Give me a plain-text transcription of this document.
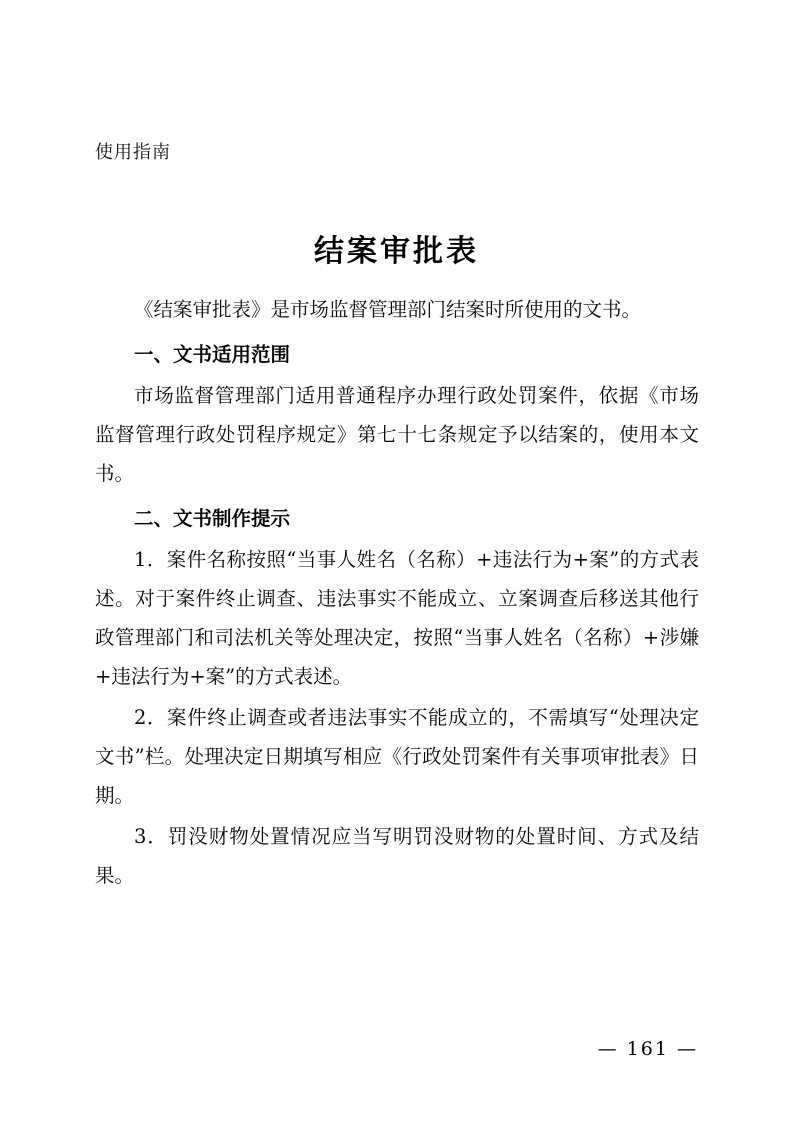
使用指南
结案审批表

《结案审批表》是市场监督管理部门结案时所使用的文书。

一、文书适用范围

市场监督管理部门适用普通程序办理行政处罚案件，依据《市场监督管理行政处罚程序规定》第七十七条规定予以结案的，使用本文书。

二、文书制作提示

1．案件名称按照“当事人姓名（名称）+违法行为+案”的方式表述。对于案件终止调查、违法事实不能成立、立案调查后移送其他行政管理部门和司法机关等处理决定，按照“当事人姓名（名称）+涉嫌+违法行为+案”的方式表述。

2．案件终止调查或者违法事实不能成立的，不需填写“处理决定文书”栏。处理决定日期填写相应《行政处罚案件有关事项审批表》日期。

3．罚没财物处置情况应当写明罚没财物的处置时间、方式及结果。

— 161 —
